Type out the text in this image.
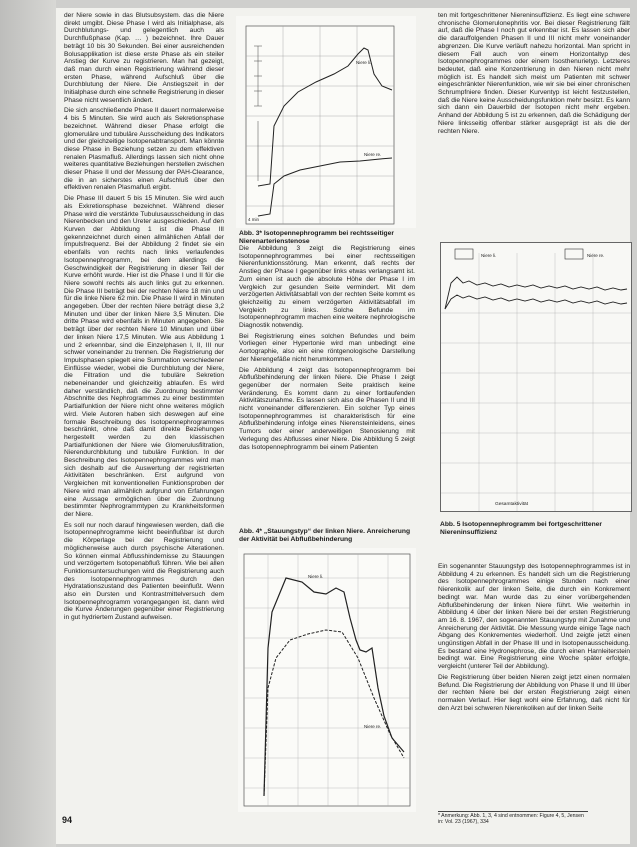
der Niere sowie in das Blutsubsystem. das die Niere direkt umgibt. Diese Phase I wird als Initialphase, als Durchblutungs- und gelegentlich auch als Durchflußphase (Kap. … ) bezeichnet. Ihre Dauer beträgt 10 bis 30 Sekunden. Bei einer ausreichenden Bolusapplikation ist diese erste Phase als ein steiler Anstieg der Kurve zu registrieren. Man hat gezeigt, daß man durch einen Registrierung während dieser ersten Phase, während Aufschluß über die Durchblutung der Niere. Die Anstiegszeit in der Initialphase durch eine schnelle Registrierung in dieser Phase nicht wesentlich ändert.

Die sich anschließende Phase II dauert normalerweise 4 bis 5 Minuten. Sie wird auch als Sekretionsphase bezeichnet. Während dieser Phase erfolgt die glomeruläre und tubuläre Ausscheidung des Indikators und der gleichzeitige Isotopenabtransport. Man könnte diese Phase in Beziehung setzen zu dem effektiven renalen Plasmafluß. Allerdings lassen sich nicht ohne weiteres quantitative Beziehungen herstellen zwischen dieser Phase II und der Messung der PAH-Clearance, die in an sicherstes einen Aufschluß über den effektiven renalen Plasmafluß ergibt.

Die Phase III dauert 5 bis 15 Minuten. Sie wird auch als Exkretionsphase bezeichnet. Während dieser Phase wird die verstärkte Tubulusausscheidung in das Nierenbecken und den Ureter ausgeschieden. Auf den Kurven der Abbildung 1 ist die Phase III gekennzeichnet durch einen allmählichen Abfall der Impulsfrequenz. Bei der Abbildung 2 findet sie ein ebenfalls von rechts nach links verlaufendes Isotopennephrogramm, bei dem allerdings die Geschwindigkeit der Registrierung in dieser Teil der Kurve erhöht wurde. Hier ist die Phase I und II für die Niere sowohl rechts als auch links gut zu erkennen. Die Phase III beträgt bei der rechten Niere 18 min und für die linke Niere 62 min. Die Phase II wird in Minuten angegeben. Über der rechten Niere beträgt diese 3,2 Minuten und über der linken Niere 3,5 Minuten. Die dritte Phase wird ebenfalls in Minuten angegeben. Sie beträgt über der rechten Niere 10 Minuten und über der linken Niere 17,5 Minuten. Wie aus Abbildung 1 und 2 erkennbar, sind die Einzelphasen I, II, III nur schwer voneinander zu trennen. Die Registrierung der Impulsphasen spiegelt eine Summation verschiedener Einflüsse wieder, wobei die Durchblutung der Niere, die Filtration und die tubuläre Sekretion nebeneinander und gleichzeitig ablaufen. Es wird daher verständlich, daß die Zuordnung bestimmter Abschnitte des Nephrogrammes zu einer bestimmten Partialfunktion der Niere nicht ohne weiteres möglich wird. Viele Autoren haben sich deswegen auf eine formale Beschreibung des Isotopennephrogrammes beschränkt, ohne daß damit direkte Beziehungen hergestellt werden zu den klassischen Partialfunktionen der Niere wie Glomerulusfiltration, Nierendurchblutung und tubuläre Funktion. In der Beschreibung des Isotopennephrogrammes wird man sich deshalb auf die Auswertung der registrierten Aktivitäten beschränken. Erst aufgrund von Vergleichen mit konventionellen Funktionsproben der Niere wird man allmählich aufgrund von Erfahrungen eine Aussage ermöglichen über die Zuordnung bestimmter Nephrogrammtypen zu Krankheitsformen der Niere.

Es soll nur noch darauf hingewiesen werden, daß die Isotopennephrogramme leicht beeinflußbar ist durch die Körperlage bei der Registrierung und möglicherweise auch durch psychische Alterationen. So können einmal Abflusshindernisse zu Stauungen und verzögertem Isotopenabfluß führen. Wie bei allen Funktionsuntersuchungen wird die Registrierung auch des Isotopennephrogrammes durch den Hydratationszustand des Patienten beeinflußt. Wenn also ein Dursten und Kontrastmittelversuch dem Isotopennephrogramm vorangegangen ist, dann wird die Kurve Änderungen gegenüber einer Registrierung in gut hydriertem Zustand aufweisen.

Niere li.
Niere re.
4 min
Abb. 3* Isotopennephrogramm bei rechtsseitiger Nierenarterienstenose

Die Abbildung 3 zeigt die Registrierung eines Isotopennephrogrammes bei einer rechtsseitigen Nierenfunktionsstörung. Man erkennt, daß rechts der Anstieg der Phase I gegenüber links etwas verlangsamt ist. Zum einen ist auch die absolute Höhe der Phase I im Vergleich zur gesunden Seite vermindert. Mit dem verzögerten Aktivitätsabfall von der rechten Seite kommt es gleichzeitig zu einem verzögerten Aktivitätsabfall im Vergleich zu links. Solche Befunde im Isotopennephrogramm machen eine weitere nephrologische Diagnostik notwendig.

Bei Registrierung eines solchen Befundes und beim Vorliegen einer Hypertonie wird man unbedingt eine Aortographie, also ein eine röntgenologische Darstellung der Nierengefäße nicht herumkommen.

Die Abbildung 4 zeigt das Isotopennephrogramm bei Abflußbehinderung der linken Niere. Die Phase I zeigt gegenüber der normalen Seite praktisch keine Veränderung. Es kommt dann zu einer fortlaufenden Aktivitätszunahme. Es lassen sich also die Phasen II und III nicht voneinander differenzieren. Ein solcher Typ eines Isotopennephrogrammes ist charakteristisch für eine Abflußbehinderung infolge eines Nierensteinleidens, eines Tumors oder einer anderweitigen Stenosierung mit Verlegung des Abflusses einer Niere. Die Abbildung 5 zeigt das Isotopennephrogramm bei einem Patienten

Abb. 4* „Stauungstyp“ der linken Niere. Anreicherung der Aktivität bei Abflußbehinderung
Niere li.
Niere re.

ten mit fortgeschrittener Niereninsuffizienz. Es liegt eine schwere chronische Glomerulonephritis vor. Bei dieser Registrierung fällt auf, daß die Phase I noch gut erkennbar ist. Es lassen sich aber die darauffolgenden Phasen II und III nicht mehr voneinander abgrenzen. Die Kurve verläuft nahezu horizontal. Man spricht in diesem Fall auch von einem Horizontaltyp des Isotopennephrogrammes oder einem Isosthenurietyp. Letzteres bedeutet, daß eine Konzentrierung in den Nieren nicht mehr möglich ist. Es handelt sich meist um Patienten mit schwer eingeschränkter Nierenfunktion, wie wir sie bei einer chronischen Schrumpfniere finden. Dieser Kurventyp ist leicht festzustellen, daß die Niere keine Ausscheidungsfunktion mehr besitzt. Es kann sich dann ein Dauerbild der Isotopen nicht mehr ergeben. Anhand der Abbildung 5 ist zu erkennen, daß die Schädigung der Niere linksseitig offenbar stärker ausgeprägt ist als die der rechten Niere.

Niere li.	Niere re.
Gesamtaktivität
Abb. 5 Isotopennephrogramm bei fortgeschrittener Niereninsuffizienz

Ein sogenannter Stauungstyp des Isotopennephrogrammes ist in Abbildung 4 zu erkennen. Es handelt sich um die Registrierung des Isotopennephrogrammes einige Stunden nach einer Nierenkolik auf der linken Seite, die durch ein Konkrement bedingt war. Man wurde das zu einer vorübergehenden Abflußbehinderung der linken Niere führt. Wie weiterhin in Abbildung 4 über der linken Niere bei der ersten Registrierung am 16. 8. 1967, den sogenannten Stauungstyp mit Zunahme und Anreicherung der Aktivität. Die Messung wurde einige Tage nach Abgang des Konkrementes wiederholt. Und zeigte jetzt einen ungünstigen Abfall in der Phase III und in Isotopenausscheidung. Es bestand eine Hydronephrose, die durch einen Harnleiterstein bedingt war. Eine Registrierung eine Woche später erfolgte, vergleicht (unterer Teil der Abbildung).

Die Registrierung über beiden Nieren zeigt jetzt einen normalen Befund. Die Registrierung der Abbildung von Phase II und III über der rechten Niere bei der ersten Registrierung zeigt einen normalen Verlauf. Hier liegt wohl eine Erfahrung, daß nicht für den Arzt bei schweren Nierenkoliken auf der linken Seite

* Anmerkung: Abb. 1, 3, 4 sind entnommen: Figure 4, 5, Jensen in: Vol. 23 (1967), 334
94
